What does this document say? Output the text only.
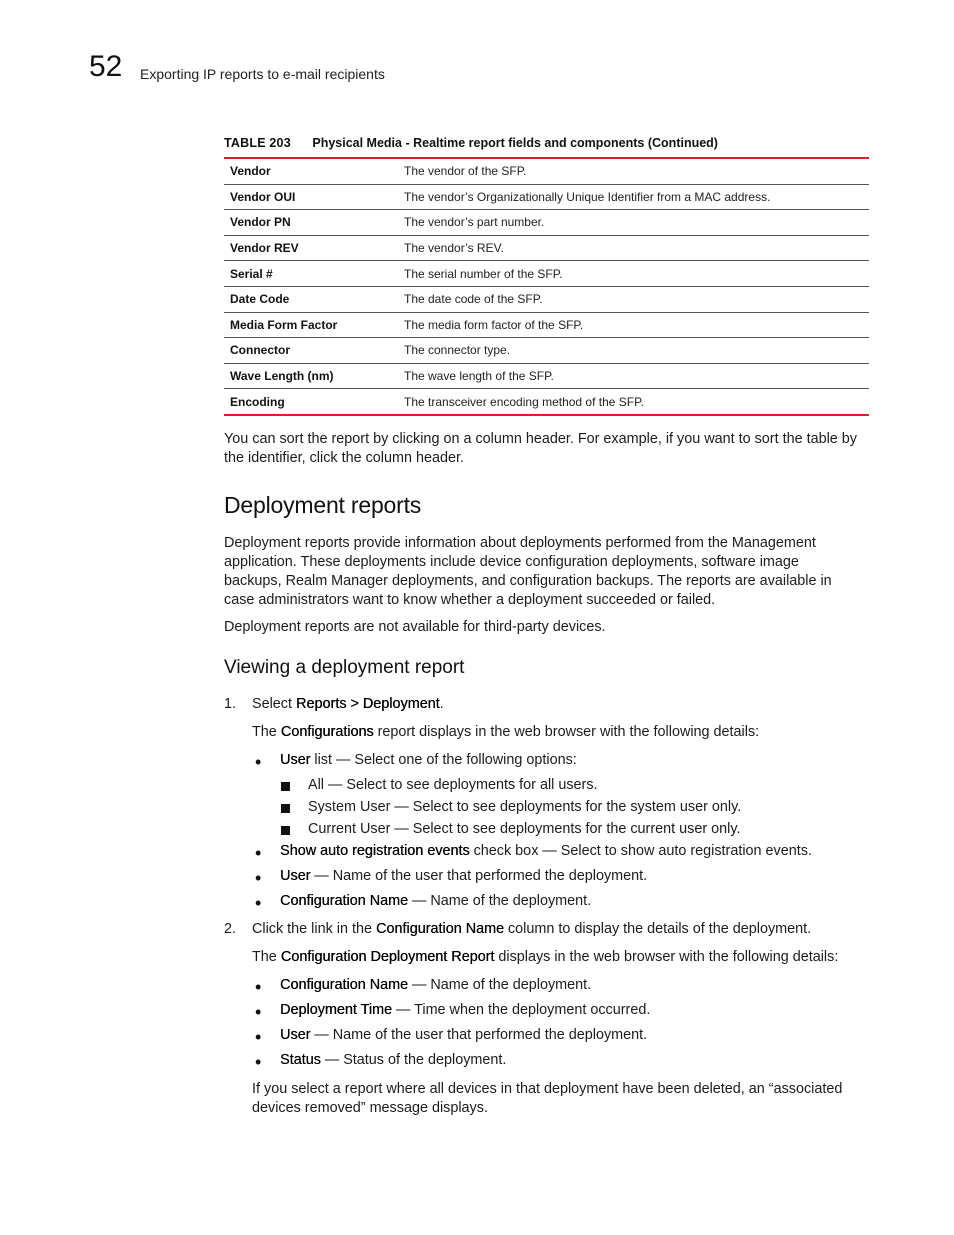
52 Exporting IP reports to e-mail recipients
TABLE 203 Physical Media - Realtime report fields and components (Continued)
Vendor	The vendor of the SFP.
Vendor OUI	The vendor’s Organizationally Unique Identifier from a MAC address.
Vendor PN	The vendor’s part number.
Vendor REV	The vendor’s REV.
Serial #	The serial number of the SFP.
Date Code	The date code of the SFP.
Media Form Factor	The media form factor of the SFP.
Connector	The connector type.
Wave Length (nm)	The wave length of the SFP.
Encoding	The transceiver encoding method of the SFP.
You can sort the report by clicking on a column header. For example, if you want to sort the table by
the identifier, click the column header.
Deployment reports
Deployment reports provide information about deployments performed from the Management
application. These deployments include device configuration deployments, software image
backups, Realm Manager deployments, and configuration backups. The reports are available in
case administrators want to know whether a deployment succeeded or failed.
Deployment reports are not available for third-party devices.
Viewing a deployment report
1. Select Reports > Deployment.
The Configurations report displays in the web browser with the following details:
• User list — Select one of the following options:
All — Select to see deployments for all users.
System User — Select to see deployments for the system user only.
Current User — Select to see deployments for the current user only.
• Show auto registration events check box — Select to show auto registration events.
• User — Name of the user that performed the deployment.
• Configuration Name — Name of the deployment.
2. Click the link in the Configuration Name column to display the details of the deployment.
The Configuration Deployment Report displays in the web browser with the following details:
• Configuration Name — Name of the deployment.
• Deployment Time — Time when the deployment occurred.
• User — Name of the user that performed the deployment.
• Status — Status of the deployment.
If you select a report where all devices in that deployment have been deleted, an “associated
devices removed” message displays.
